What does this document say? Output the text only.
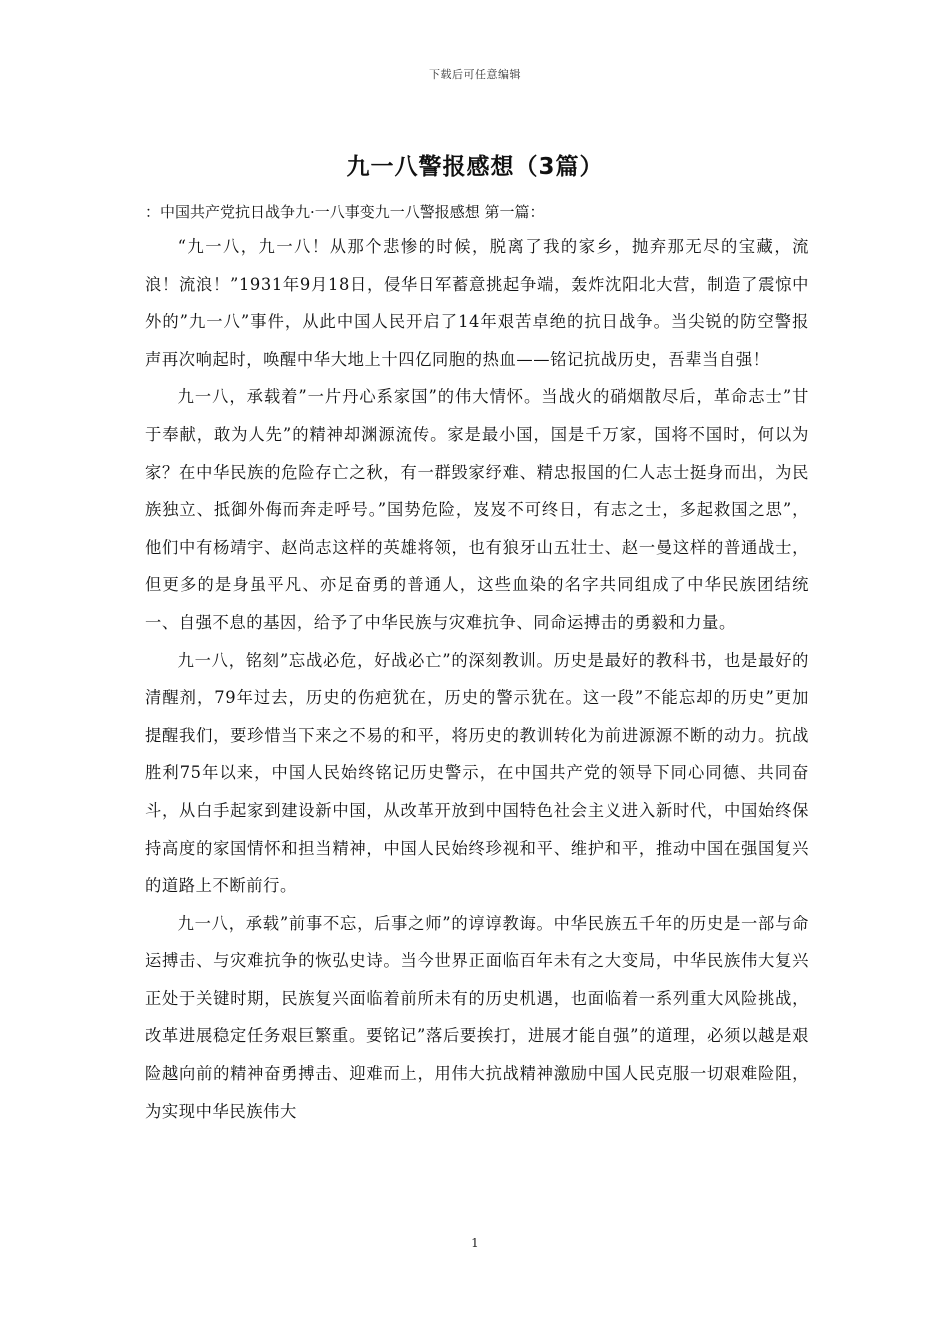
下载后可任意编辑
九一八警报感想（3篇）

：中国共产党抗日战争九·一八事变九一八警报感想 第一篇：

“九一八，九一八！从那个悲惨的时候，脱离了我的家乡，抛弃那无尽的宝藏，流浪！流浪！”1931年9月18日，侵华日军蓄意挑起争端，轰炸沈阳北大营，制造了震惊中外的”九一八”事件，从此中国人民开启了14年艰苦卓绝的抗日战争。当尖锐的防空警报声再次响起时，唤醒中华大地上十四亿同胞的热血——铭记抗战历史，吾辈当自强！

九一八，承载着”一片丹心系家国”的伟大情怀。当战火的硝烟散尽后，革命志士”甘于奉献，敢为人先”的精神却渊源流传。家是最小国，国是千万家，国将不国时，何以为家？在中华民族的危险存亡之秋，有一群毁家纾难、精忠报国的仁人志士挺身而出，为民族独立、抵御外侮而奔走呼号。”国势危险，岌岌不可终日，有志之士，多起救国之思”，他们中有杨靖宇、赵尚志这样的英雄将领，也有狼牙山五壮士、赵一曼这样的普通战士，但更多的是身虽平凡、亦足奋勇的普通人，这些血染的名字共同组成了中华民族团结统一、自强不息的基因，给予了中华民族与灾难抗争、同命运搏击的勇毅和力量。

九一八，铭刻”忘战必危，好战必亡”的深刻教训。历史是最好的教科书，也是最好的清醒剂，79年过去，历史的伤疤犹在，历史的警示犹在。这一段”不能忘却的历史”更加提醒我们，要珍惜当下来之不易的和平，将历史的教训转化为前进源源不断的动力。抗战胜利75年以来，中国人民始终铭记历史警示，在中国共产党的领导下同心同德、共同奋斗，从白手起家到建设新中国，从改革开放到中国特色社会主义进入新时代，中国始终保持高度的家国情怀和担当精神，中国人民始终珍视和平、维护和平，推动中国在强国复兴的道路上不断前行。

九一八，承载”前事不忘，后事之师”的谆谆教诲。中华民族五千年的历史是一部与命运搏击、与灾难抗争的恢弘史诗。当今世界正面临百年未有之大变局，中华民族伟大复兴正处于关键时期，民族复兴面临着前所未有的历史机遇，也面临着一系列重大风险挑战，改革进展稳定任务艰巨繁重。要铭记”落后要挨打，进展才能自强”的道理，必须以越是艰险越向前的精神奋勇搏击、迎难而上，用伟大抗战精神激励中国人民克服一切艰难险阻，为实现中华民族伟大

1
